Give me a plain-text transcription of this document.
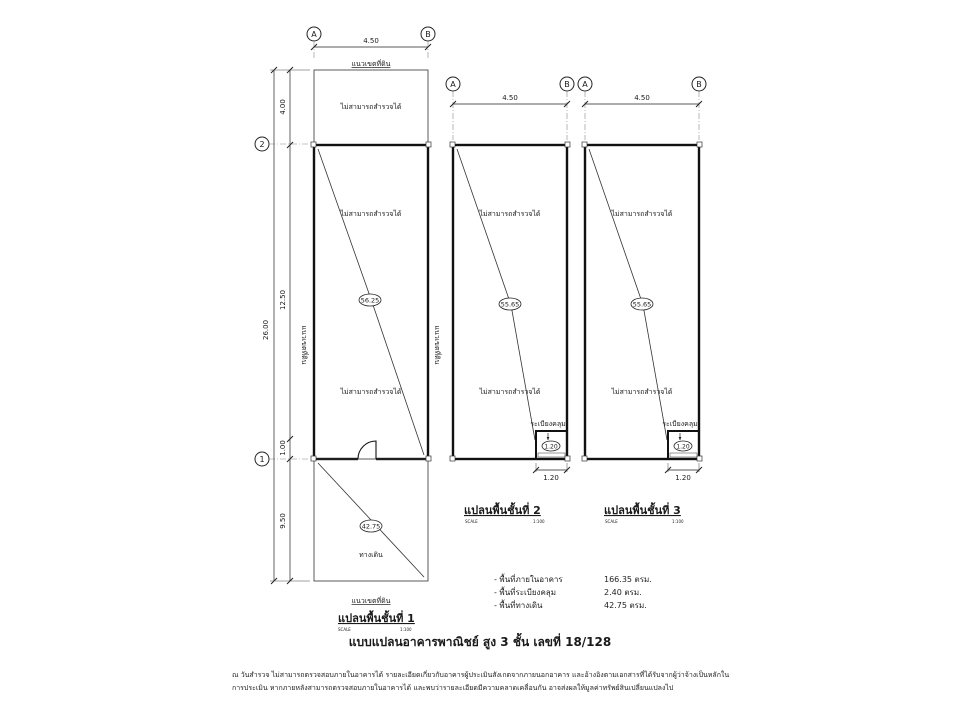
A	B
4.50
แนวเขตที่ดิน
ไม่สามารถสำรวจได้
ไม่สามารถสำรวจได้
ไม่สามารถสำรวจได้
56.25
แนวเขตที่ดิน	แนวเขตที่ดิน
42.75
ทางเดิน
แนวเขตที่ดิน
แปลนพื้นชั้นที่ 1
SCALE	1:100
2
1
26.00
4.00
12.50
1.00
9.50
A	B
4.50
ไม่สามารถสำรวจได้
ไม่สามารถสำรวจได้
55.65
ระเบียงคลุม
1.20
1.20
แปลนพื้นชั้นที่ 2
SCALE	1:100
A	B
4.50
ไม่สามารถสำรวจได้
ไม่สามารถสำรวจได้
55.65
ระเบียงคลุม
1.20
1.20
แปลนพื้นชั้นที่ 3
SCALE	1:100
- พื้นที่ภายในอาคาร	166.35 ตรม.
- พื้นที่ระเบียงคลุม	2.40 ตรม.
- พื้นที่ทางเดิน	42.75 ตรม.
แบบแปลนอาคารพาณิชย์ สูง 3 ชั้น เลขที่ 18/128
ณ วันสำรวจ ไม่สามารถตรวจสอบภายในอาคารได้ รายละเอียดเกี่ยวกับอาคารผู้ประเมินสังเกตจากภายนอกอาคาร และอ้างอิงตามเอกสารที่ได้รับจากผู้ว่าจ้างเป็นหลักใน
การประเมิน หากภายหลังสามารถตรวจสอบภายในอาคารได้ และพบว่ารายละเอียดมีความคลาดเคลื่อนกัน อาจส่งผลให้มูลค่าทรัพย์สินเปลี่ยนแปลงไป
